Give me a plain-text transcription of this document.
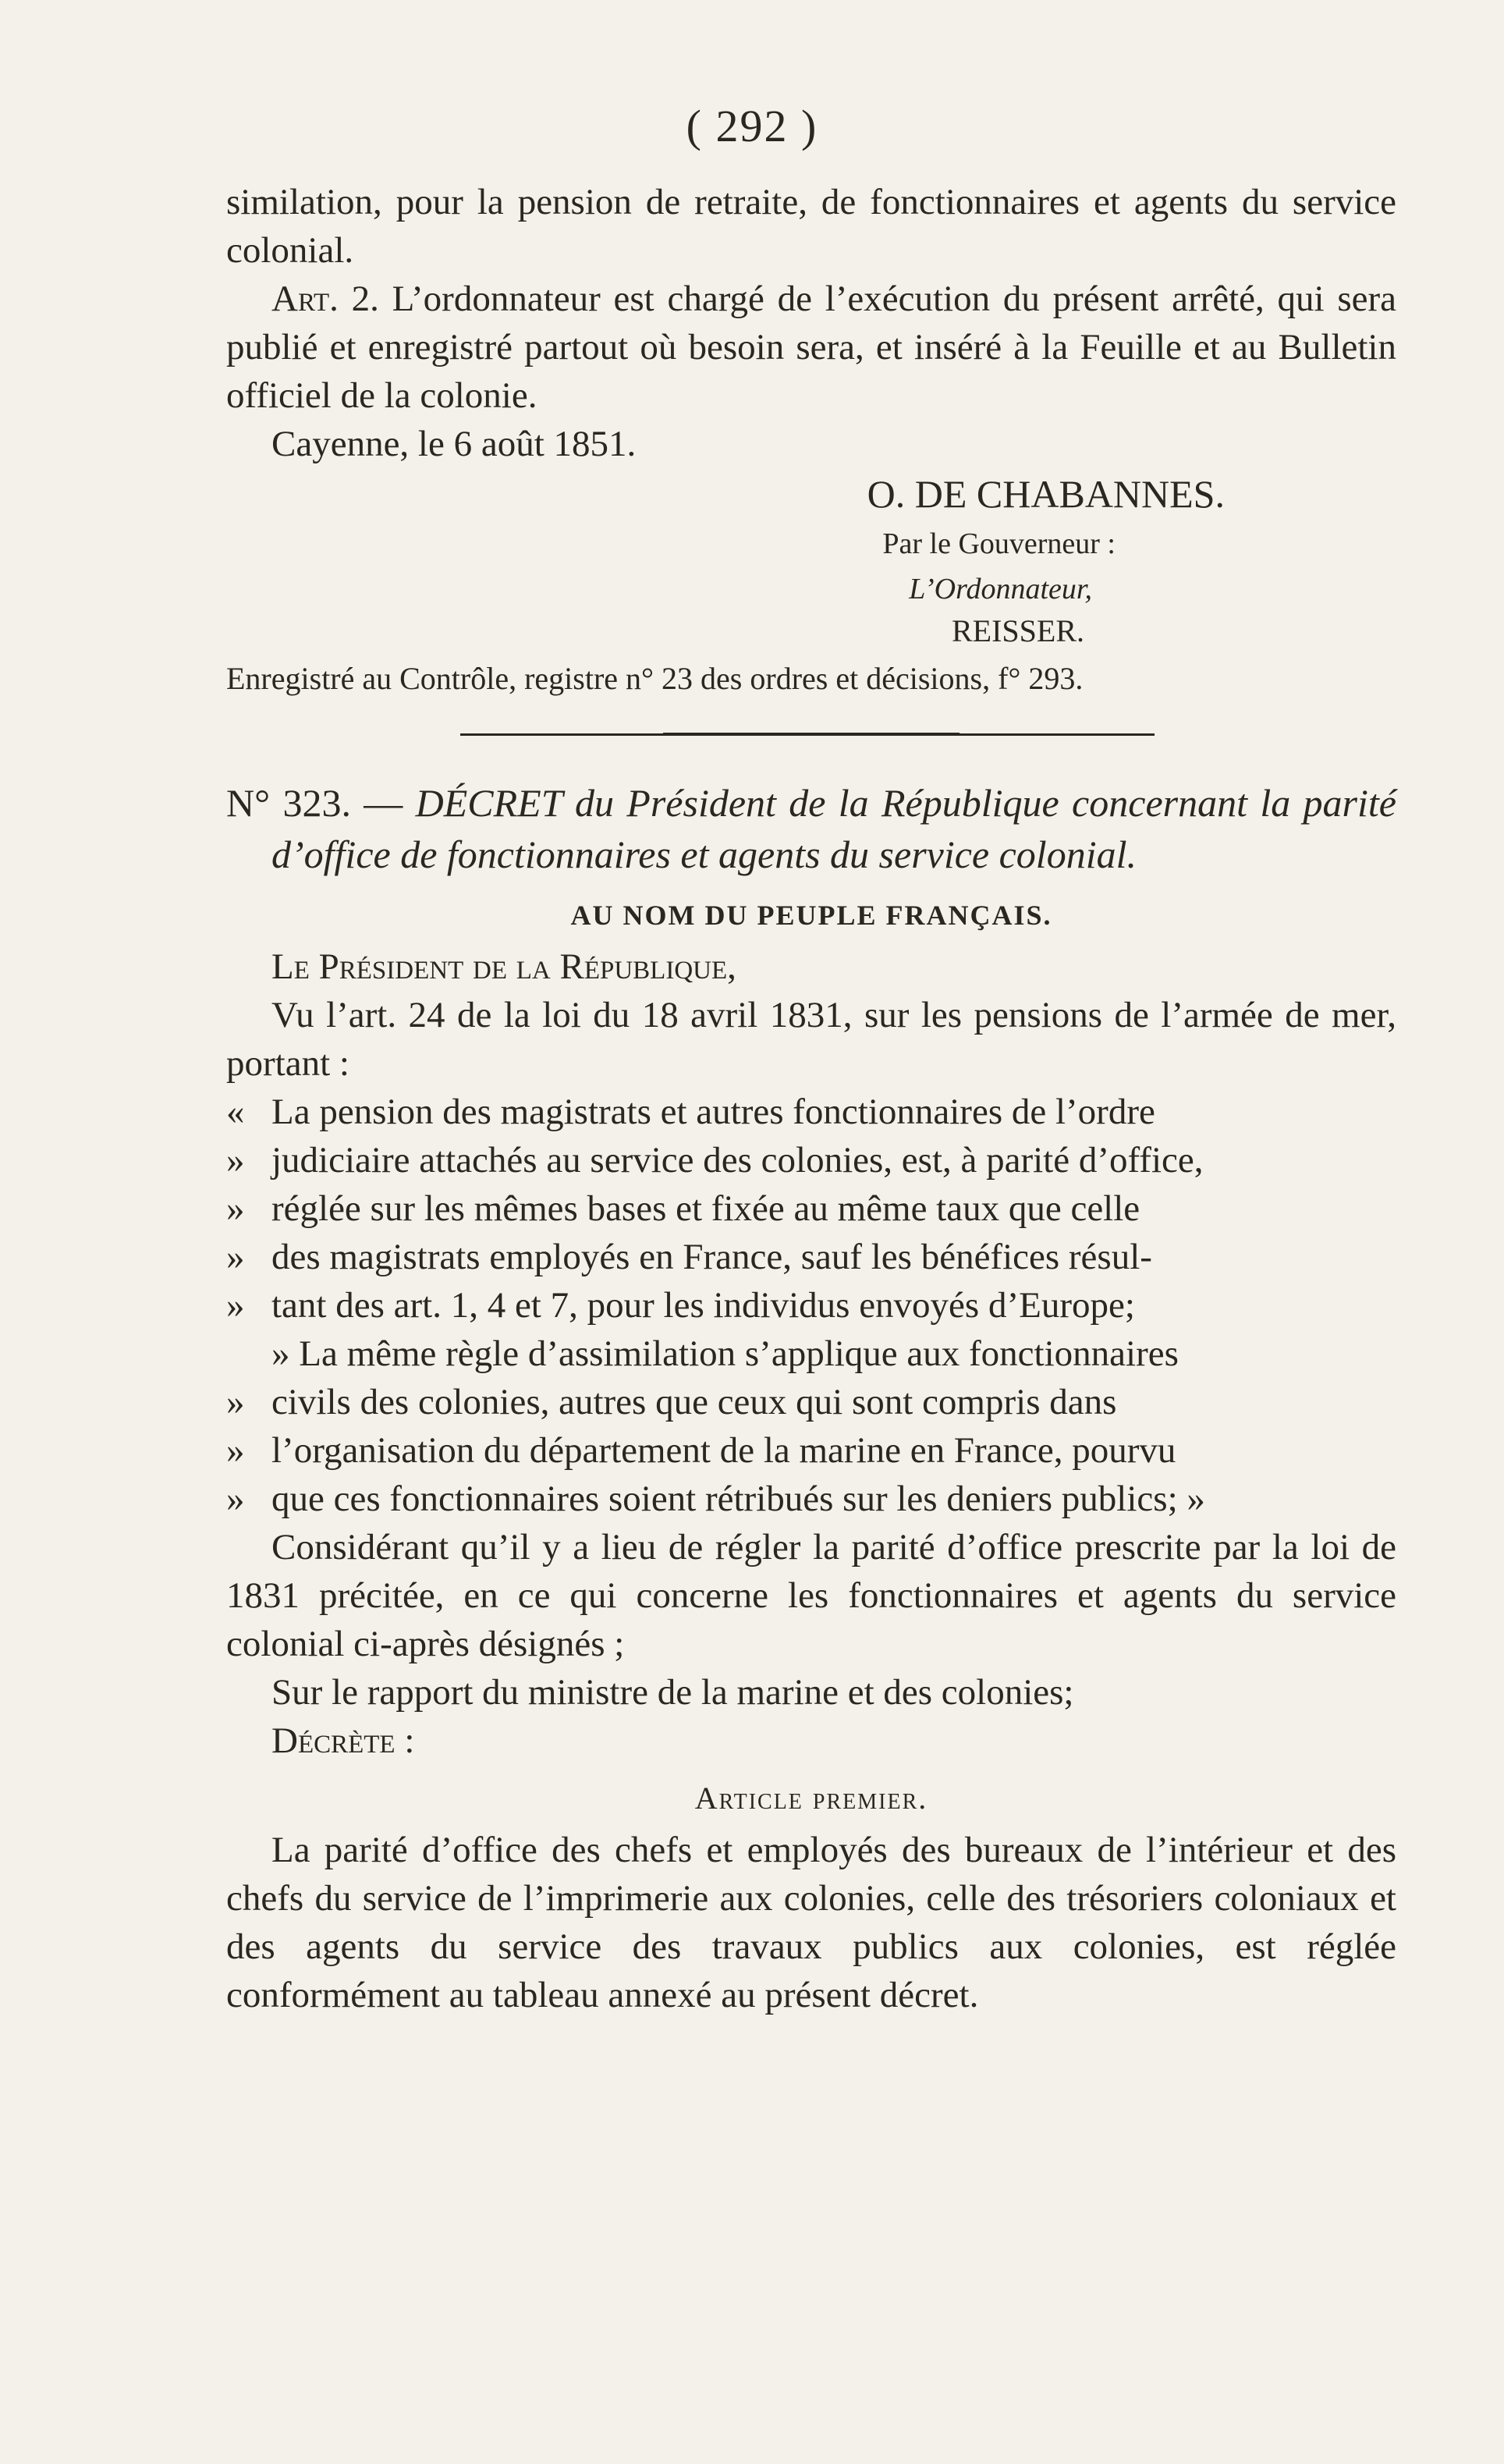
( 292 )

similation, pour la pension de retraite, de fonctionnaires et agents du service colonial.

Art. 2. L’ordonnateur est chargé de l’exécution du présent arrêté, qui sera publié et enregistré partout où besoin sera, et inséré à la Feuille et au Bulletin officiel de la colonie.

Cayenne, le 6 août 1851.

O. DE CHABANNES.

Par le Gouverneur :

L’Ordonnateur,

REISSER.

Enregistré au Contrôle, registre n° 23 des ordres et décisions, f° 293.

N° 323. — DÉCRET du Président de la République concernant la parité d’office de fonctionnaires et agents du service colonial.

AU NOM DU PEUPLE FRANÇAIS.

Le Président de la République,

Vu l’art. 24 de la loi du 18 avril 1831, sur les pensions de l’armée de mer, portant :

« La pension des magistrats et autres fonctionnaires de l’ordre

» judiciaire attachés au service des colonies, est, à parité d’office,

» réglée sur les mêmes bases et fixée au même taux que celle

» des magistrats employés en France, sauf les bénéfices résul-

» tant des art. 1, 4 et 7, pour les individus envoyés d’Europe;

» La même règle d’assimilation s’applique aux fonctionnaires

» civils des colonies, autres que ceux qui sont compris dans

» l’organisation du département de la marine en France, pourvu

» que ces fonctionnaires soient rétribués sur les deniers publics; »

Considérant qu’il y a lieu de régler la parité d’office prescrite par la loi de 1831 précitée, en ce qui concerne les fonctionnaires et agents du service colonial ci-après désignés ;

Sur le rapport du ministre de la marine et des colonies;

Décrète :

Article premier.

La parité d’office des chefs et employés des bureaux de l’intérieur et des chefs du service de l’imprimerie aux colonies, celle des trésoriers coloniaux et des agents du service des travaux publics aux colonies, est réglée conformément au tableau annexé au présent décret.
